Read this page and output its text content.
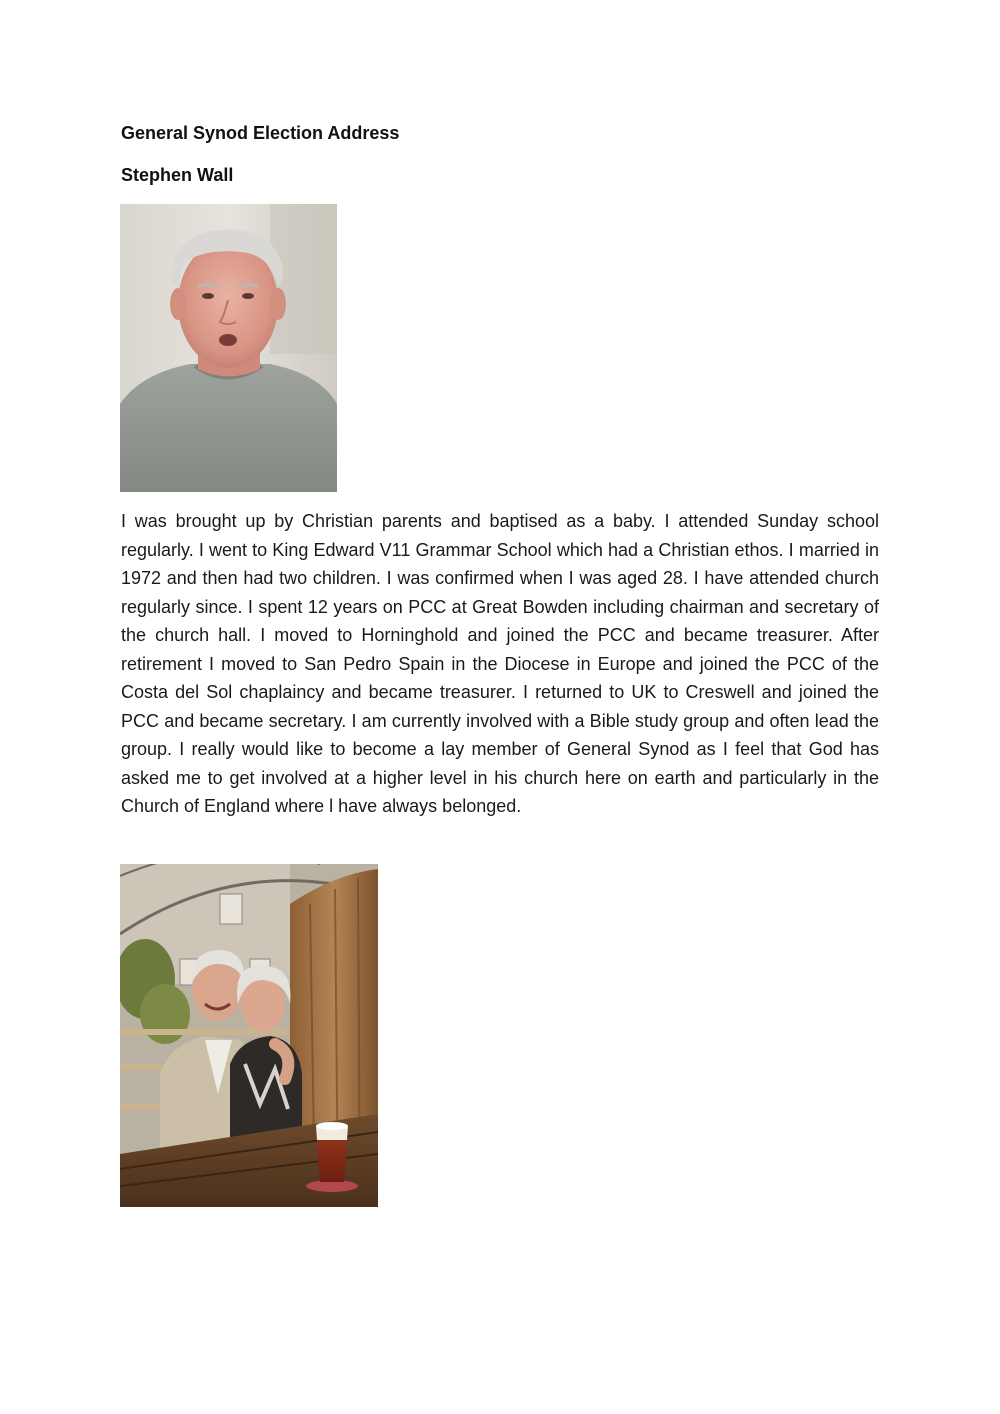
General Synod Election Address
Stephen Wall

I was brought up by Christian parents and baptised as a baby. I attended Sunday school regularly. I went to King Edward V11 Grammar School which had a Christian ethos. I married in 1972 and then had two children. I was confirmed when I was aged 28. I have attended church regularly since. I spent 12 years on PCC at Great Bowden including chairman and secretary of the church hall. I moved to Horninghold and joined the PCC and became treasurer. After retirement I moved to San Pedro Spain in the Diocese in Europe and joined the PCC of the Costa del Sol chaplaincy and became treasurer. I returned to UK to Creswell and joined the PCC and became secretary. I am currently involved with a Bible study group and often lead the group. I really would like to become a lay member of General Synod as I feel that God has asked me to get involved at a higher level in his church here on earth and particularly in the Church of England where l have always belonged.
